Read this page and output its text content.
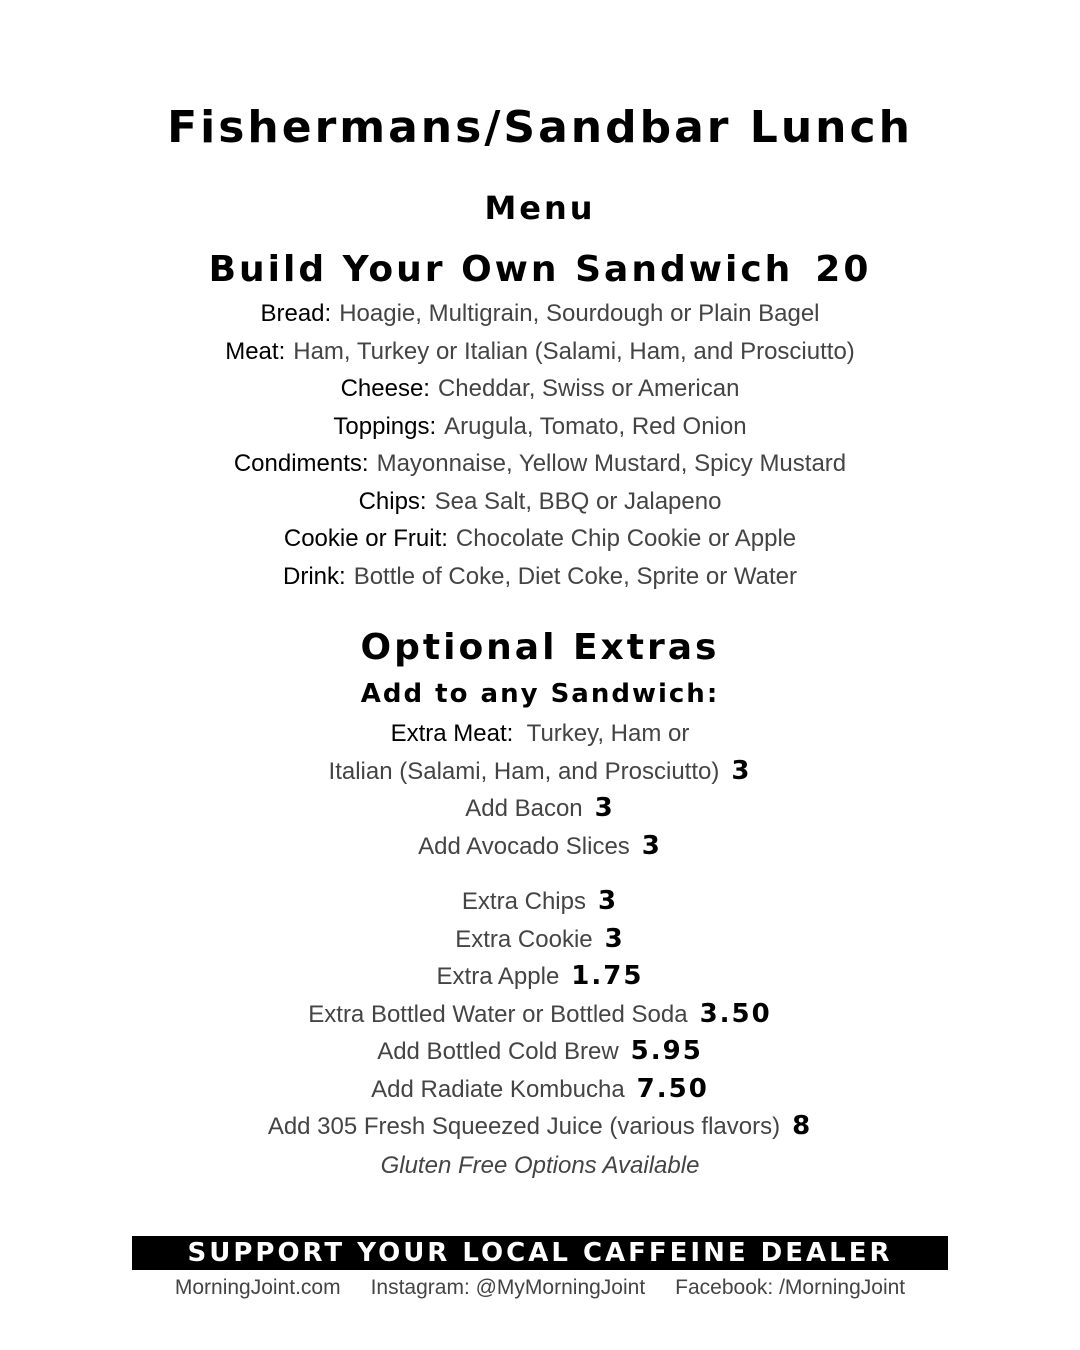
Fishermans/Sandbar Lunch
Menu
Build Your Own Sandwich 20
Bread: Hoagie, Multigrain, Sourdough or Plain Bagel
Meat: Ham, Turkey or Italian (Salami, Ham, and Prosciutto)
Cheese: Cheddar, Swiss or American
Toppings: Arugula, Tomato, Red Onion
Condiments: Mayonnaise, Yellow Mustard, Spicy Mustard
Chips: Sea Salt, BBQ or Jalapeno
Cookie or Fruit: Chocolate Chip Cookie or Apple
Drink: Bottle of Coke, Diet Coke, Sprite or Water
Optional Extras
Add to any Sandwich:
Extra Meat: Turkey, Ham or
Italian (Salami, Ham, and Prosciutto) 3
Add Bacon 3
Add Avocado Slices 3
Extra Chips 3
Extra Cookie 3
Extra Apple 1.75
Extra Bottled Water or Bottled Soda 3.50
Add Bottled Cold Brew 5.95
Add Radiate Kombucha 7.50
Add 305 Fresh Squeezed Juice (various flavors) 8
Gluten Free Options Available
SUPPORT YOUR LOCAL CAFFEINE DEALER
MorningJoint.com Instagram: @MyMorningJoint Facebook: /MorningJoint
